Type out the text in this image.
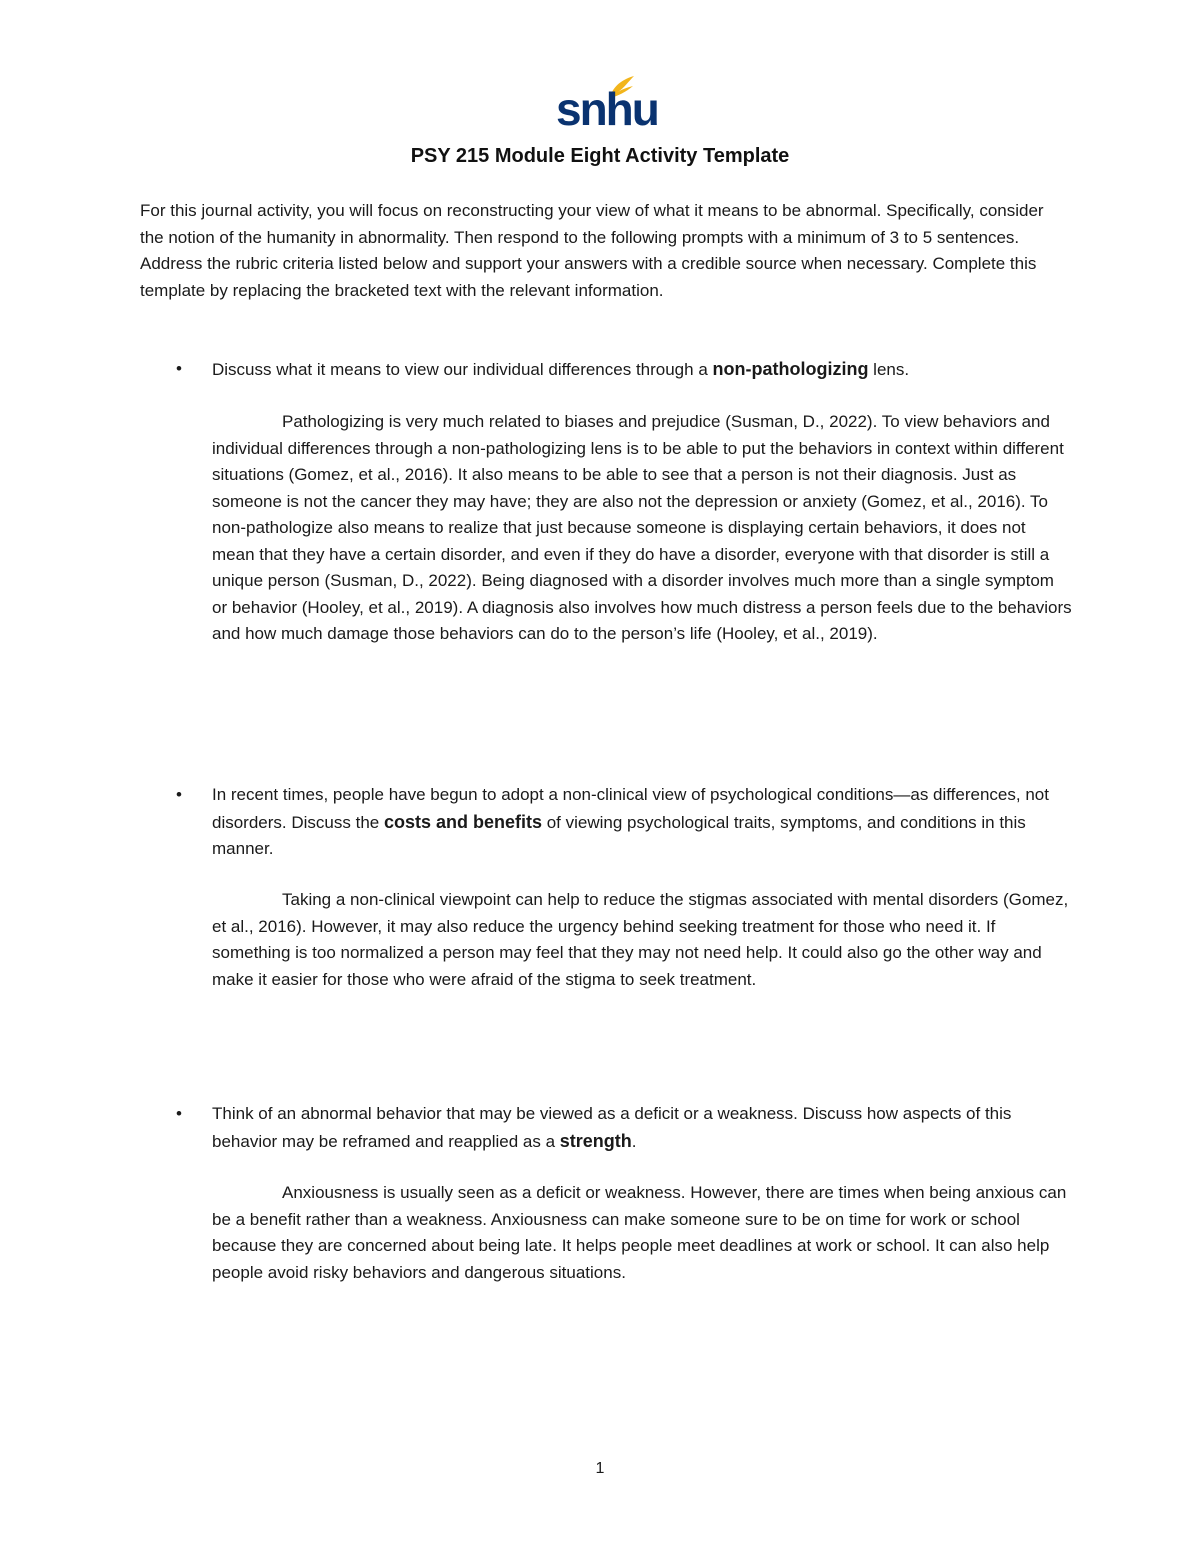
snhu
PSY 215 Module Eight Activity Template

For this journal activity, you will focus on reconstructing your view of what it means to be abnormal. Specifically, consider the notion of the humanity in abnormality. Then respond to the following prompts with a minimum of 3 to 5 sentences. Address the rubric criteria listed below and support your answers with a credible source when necessary. Complete this template by replacing the bracketed text with the relevant information.

• Discuss what it means to view our individual differences through a non-pathologizing lens.

Pathologizing is very much related to biases and prejudice (Susman, D., 2022). To view behaviors and individual differences through a non-pathologizing lens is to be able to put the behaviors in context within different situations (Gomez, et al., 2016). It also means to be able to see that a person is not their diagnosis. Just as someone is not the cancer they may have; they are also not the depression or anxiety (Gomez, et al., 2016). To non-pathologize also means to realize that just because someone is displaying certain behaviors, it does not mean that they have a certain disorder, and even if they do have a disorder, everyone with that disorder is still a unique person (Susman, D., 2022). Being diagnosed with a disorder involves much more than a single symptom or behavior (Hooley, et al., 2019). A diagnosis also involves how much distress a person feels due to the behaviors and how much damage those behaviors can do to the person’s life (Hooley, et al., 2019).

• In recent times, people have begun to adopt a non-clinical view of psychological conditions—as differences, not disorders. Discuss the costs and benefits of viewing psychological traits, symptoms, and conditions in this manner.

Taking a non-clinical viewpoint can help to reduce the stigmas associated with mental disorders (Gomez, et al., 2016). However, it may also reduce the urgency behind seeking treatment for those who need it. If something is too normalized a person may feel that they may not need help. It could also go the other way and make it easier for those who were afraid of the stigma to seek treatment.

• Think of an abnormal behavior that may be viewed as a deficit or a weakness. Discuss how aspects of this behavior may be reframed and reapplied as a strength.

Anxiousness is usually seen as a deficit or weakness. However, there are times when being anxious can be a benefit rather than a weakness. Anxiousness can make someone sure to be on time for work or school because they are concerned about being late. It helps people meet deadlines at work or school. It can also help people avoid risky behaviors and dangerous situations.

1
